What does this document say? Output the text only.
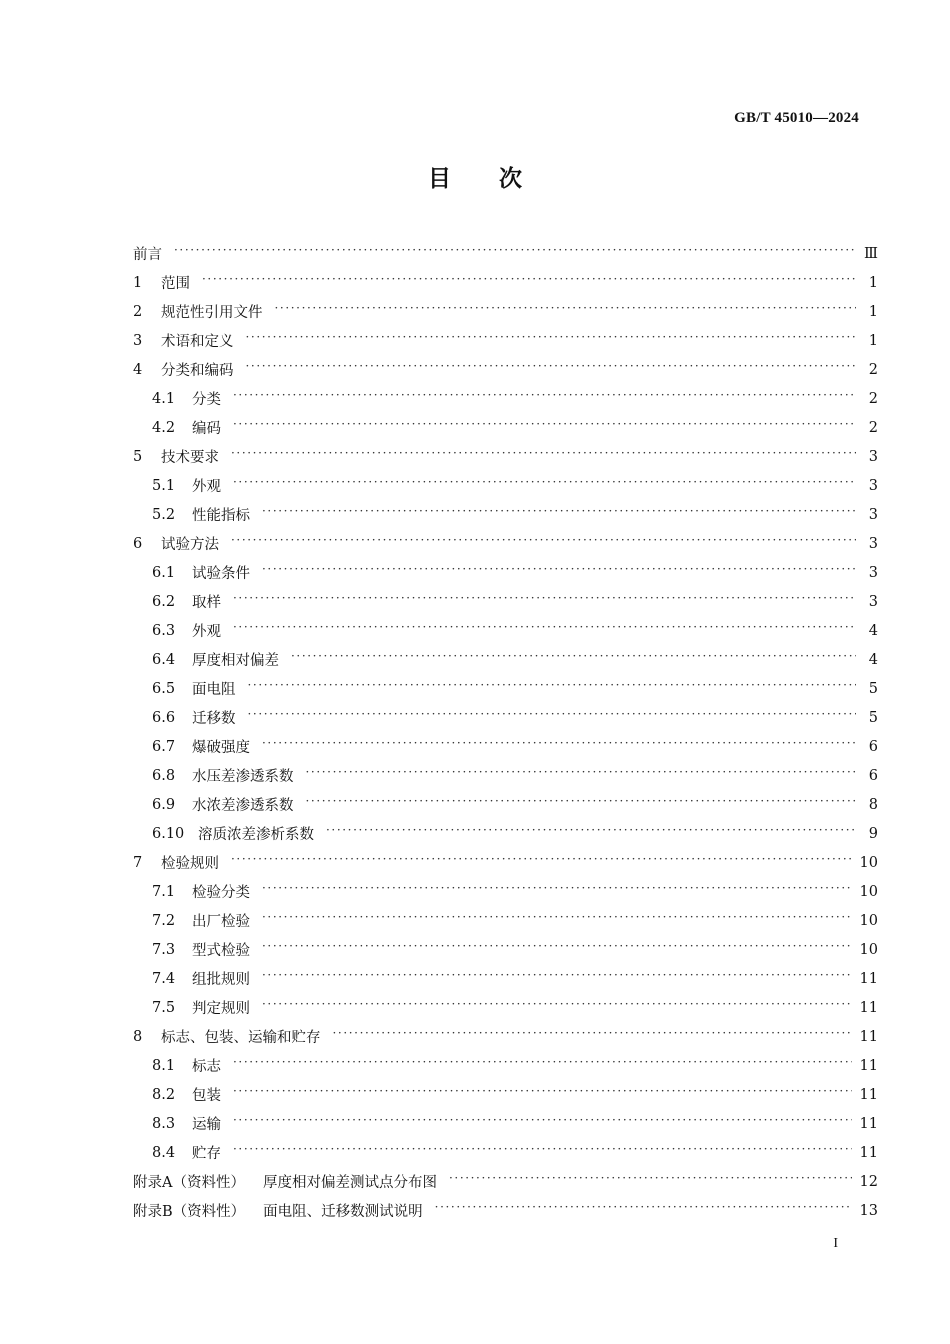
GB/T 45010—2024
目次
前言 ·····	Ⅲ
1	范围 ·····	1
2	规范性引用文件 ·····	1
3	术语和定义 ·····	1
4	分类和编码 ·····	2
4.1	分类 ·····	2
4.2	编码 ·····	2
5	技术要求 ·····	3
5.1	外观 ·····	3
5.2	性能指标 ·····	3
6	试验方法 ·····	3
6.1	试验条件 ·····	3
6.2	取样 ·····	3
6.3	外观 ·····	4
6.4	厚度相对偏差 ·····	4
6.5	面电阻 ·····	5
6.6	迁移数 ·····	5
6.7	爆破强度 ·····	6
6.8	水压差渗透系数 ·····	6
6.9	水浓差渗透系数 ·····	8
6.10 溶质浓差渗析系数 ·····	9
7	检验规则 ·····	10
7.1	检验分类 ·····	10
7.2	出厂检验 ·····	10
7.3	型式检验 ·····	10
7.4	组批规则 ·····	11
7.5	判定规则 ·····	11
8	标志、包装、运输和贮存 ·····	11
8.1	标志 ·····	11
8.2	包装 ·····	11
8.3	运输 ·····	11
8.4	贮存 ·····	11
附录A（资料性） 厚度相对偏差测试点分布图 ·····	12
附录B（资料性） 面电阻、迁移数测试说明 ·····	13
I
